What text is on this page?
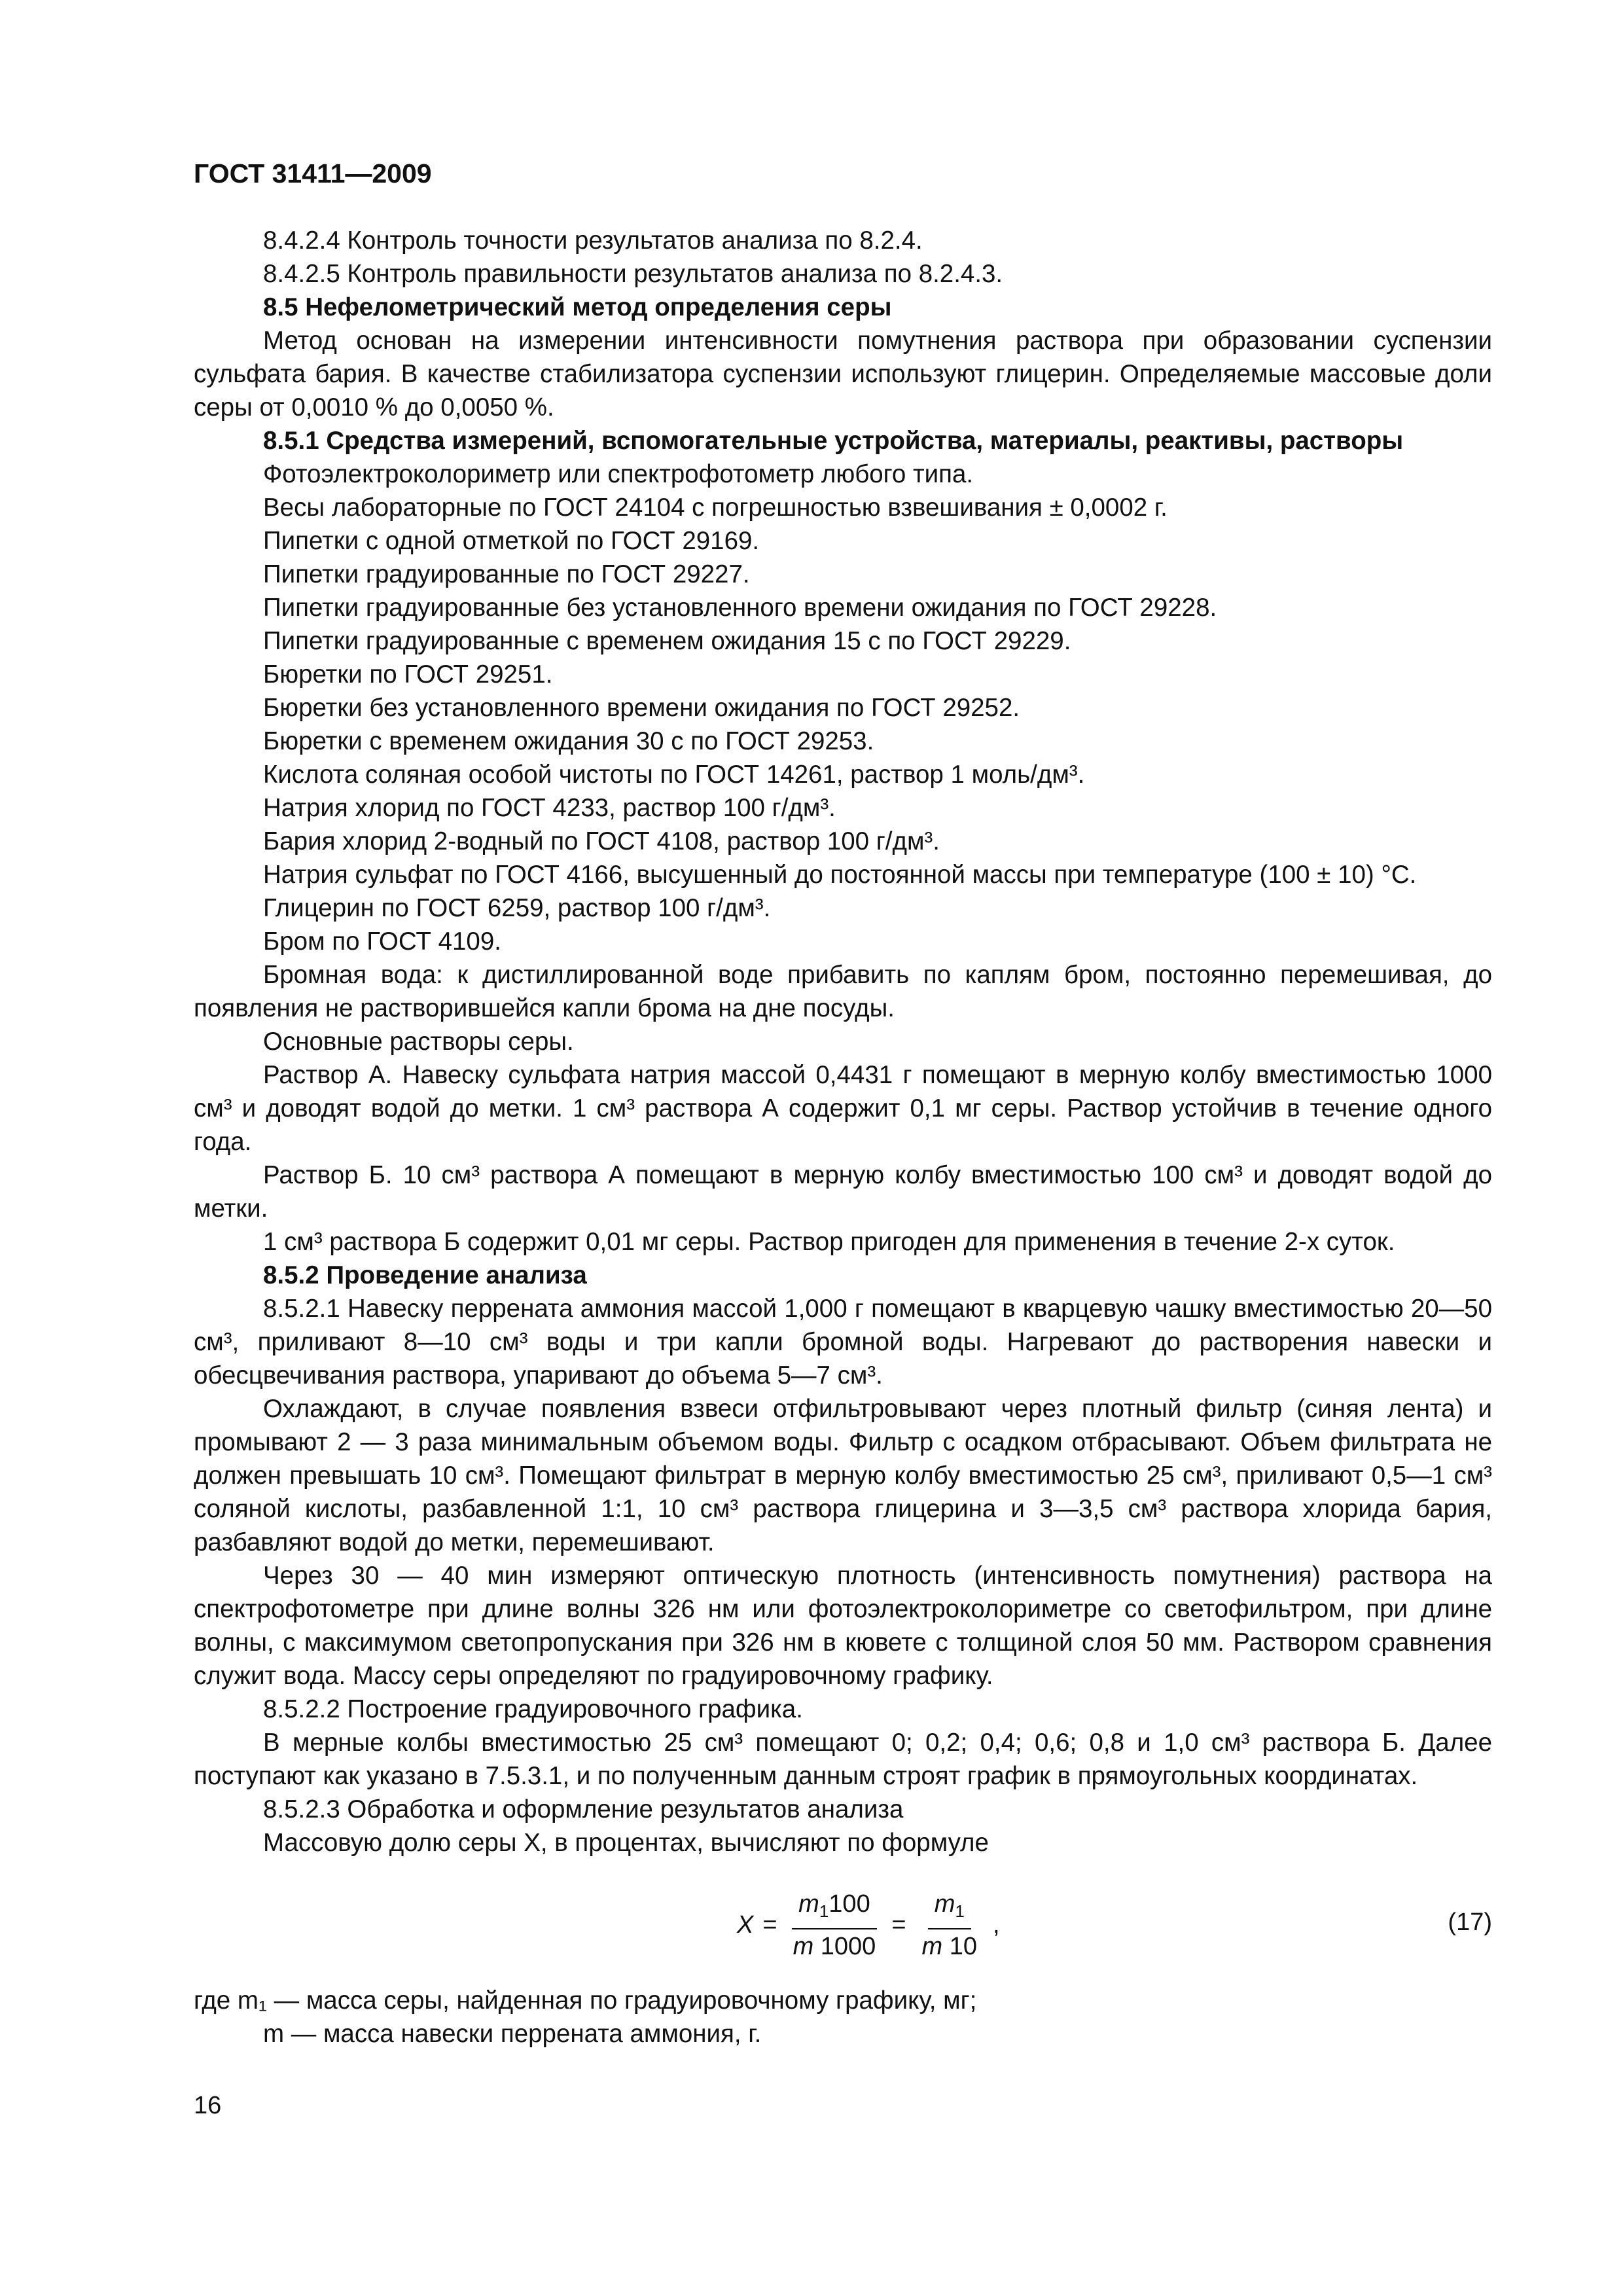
ГОСТ 31411—2009

8.4.2.4 Контроль точности результатов анализа по 8.2.4.

8.4.2.5 Контроль правильности результатов анализа по 8.2.4.3.

8.5 Нефелометрический метод определения серы

Метод основан на измерении интенсивности помутнения раствора при образовании суспензии сульфата бария. В качестве стабилизатора суспензии используют глицерин. Определяемые массовые доли серы от 0,0010 % до 0,0050 %.

8.5.1 Средства измерений, вспомогательные устройства, материалы, реактивы, растворы

Фотоэлектроколориметр или спектрофотометр любого типа.

Весы лабораторные по ГОСТ 24104 с погрешностью взвешивания ± 0,0002 г.

Пипетки с одной отметкой по ГОСТ 29169.

Пипетки градуированные по ГОСТ 29227.

Пипетки градуированные без установленного времени ожидания по ГОСТ 29228.

Пипетки градуированные с временем ожидания 15 с по ГОСТ 29229.

Бюретки по ГОСТ 29251.

Бюретки без установленного времени ожидания по ГОСТ 29252.

Бюретки с временем ожидания 30 с по ГОСТ 29253.

Кислота соляная особой чистоты по ГОСТ 14261, раствор 1 моль/дм³.

Натрия хлорид по ГОСТ 4233, раствор 100 г/дм³.

Бария хлорид 2-водный по ГОСТ 4108, раствор 100 г/дм³.

Натрия сульфат по ГОСТ 4166, высушенный до постоянной массы при температуре (100 ± 10) °С.

Глицерин по ГОСТ 6259, раствор 100 г/дм³.

Бром по ГОСТ 4109.

Бромная вода: к дистиллированной воде прибавить по каплям бром, постоянно перемешивая, до появления не растворившейся капли брома на дне посуды.

Основные растворы серы.

Раствор А. Навеску сульфата натрия массой 0,4431 г помещают в мерную колбу вместимостью 1000 см³ и доводят водой до метки. 1 см³ раствора А содержит 0,1 мг серы. Раствор устойчив в течение одного года.

Раствор Б. 10 см³ раствора А помещают в мерную колбу вместимостью 100 см³ и доводят водой до метки.

1 см³ раствора Б содержит 0,01 мг серы. Раствор пригоден для применения в течение 2-х суток.

8.5.2 Проведение анализа

8.5.2.1 Навеску перрената аммония массой 1,000 г помещают в кварцевую чашку вместимостью 20—50 см³, приливают 8—10 см³ воды и три капли бромной воды. Нагревают до растворения навески и обесцвечивания раствора, упаривают до объема 5—7 см³.

Охлаждают, в случае появления взвеси отфильтровывают через плотный фильтр (синяя лента) и промывают 2 — 3 раза минимальным объемом воды. Фильтр с осадком отбрасывают. Объем фильтрата не должен превышать 10 см³. Помещают фильтрат в мерную колбу вместимостью 25 см³, приливают 0,5—1 см³ соляной кислоты, разбавленной 1:1, 10 см³ раствора глицерина и 3—3,5 см³ раствора хлорида бария, разбавляют водой до метки, перемешивают.

Через 30 — 40 мин измеряют оптическую плотность (интенсивность помутнения) раствора на спектрофотометре при длине волны 326 нм или фотоэлектроколориметре со светофильтром, при длине волны, с максимумом светопропускания при 326 нм в кювете с толщиной слоя 50 мм. Раствором сравнения служит вода. Массу серы определяют по градуировочному графику.

8.5.2.2 Построение градуировочного графика.

В мерные колбы вместимостью 25 см³ помещают 0; 0,2; 0,4; 0,6; 0,8 и 1,0 см³ раствора Б. Далее поступают как указано в 7.5.3.1, и по полученным данным строят график в прямоугольных координатах.

8.5.2.3 Обработка и оформление результатов анализа

Массовую долю серы X, в процентах, вычисляют по формуле

$X = \frac{m_1100}{m 1000} = \frac{m_1}{m 10}$ ,	(17)

где m₁ — масса серы, найденная по градуировочному графику, мг;

m — масса навески перрената аммония, г.

16
